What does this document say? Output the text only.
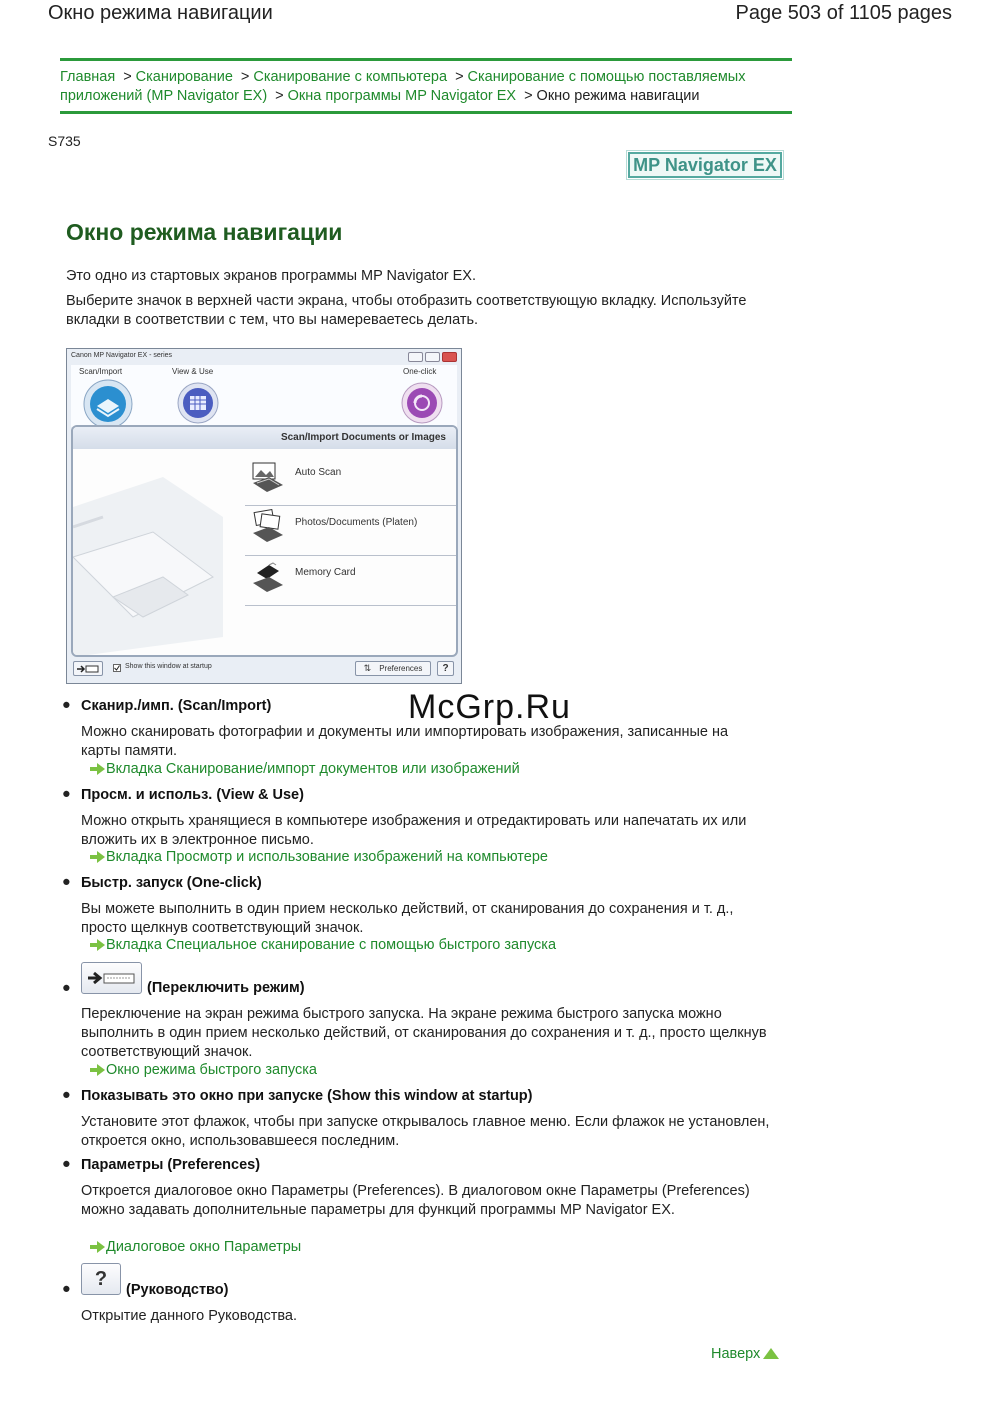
Окно режима навигации	Page 503 of 1105 pages
Главная > Сканирование > Сканирование с компьютера > Сканирование с помощью поставляемых приложений (MP Navigator EX) > Окна программы MP Navigator EX > Окно режима навигации
S735
MP Navigator EX
Окно режима навигации
Это одно из стартовых экранов программы MP Navigator EX.
Выберите значок в верхней части экрана, чтобы отобразить соответствующую вкладку. Используйте вкладки в соответствии с тем, что вы намереваетесь делать.
Canon MP Navigator EX - series
Scan/Import	View & Use	One-click
Scan/Import Documents or Images
Auto Scan
Photos/Documents (Platen)
Memory Card
Show this window at startup	⇅ Preferences	?
McGrp.Ru
● Сканир./имп. (Scan/Import)
Можно сканировать фотографии и документы или импортировать изображения, записанные на карты памяти.
Вкладка Сканирование/импорт документов или изображений
● Просм. и использ. (View & Use)
Можно открыть хранящиеся в компьютере изображения и отредактировать или напечатать их или вложить их в электронное письмо.
Вкладка Просмотр и использование изображений на компьютере
● Быстр. запуск (One-click)
Вы можете выполнить в один прием несколько действий, от сканирования до сохранения и т. д., просто щелкнув соответствующий значок.
Вкладка Специальное сканирование с помощью быстрого запуска
●	(Переключить режим)
Переключение на экран режима быстрого запуска. На экране режима быстрого запуска можно выполнить в один прием несколько действий, от сканирования до сохранения и т. д., просто щелкнув соответствующий значок.
Окно режима быстрого запуска
● Показывать это окно при запуске (Show this window at startup)
Установите этот флажок, чтобы при запуске открывалось главное меню. Если флажок не установлен, откроется окно, использовавшееся последним.
● Параметры (Preferences)
Откроется диалоговое окно Параметры (Preferences). В диалоговом окне Параметры (Preferences) можно задавать дополнительные параметры для функций программы MP Navigator EX.
Диалоговое окно Параметры
●	?
(Руководство)
Открытие данного Руководства.
Наверх
